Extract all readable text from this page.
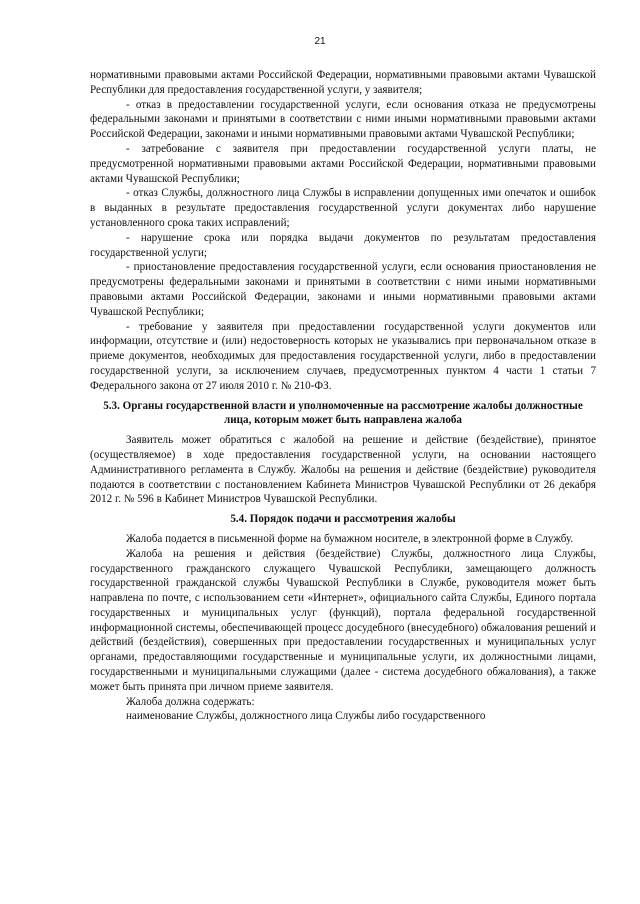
21

нормативными правовыми актами Российской Федерации, нормативными правовыми актами Чувашской Республики для предоставления государственной услуги, у заявителя;

- отказ в предоставлении государственной услуги, если основания отказа не предусмотрены федеральными законами и принятыми в соответствии с ними иными нормативными правовыми актами Российской Федерации, законами и иными нормативными правовыми актами Чувашской Республики;

- затребование с заявителя при предоставлении государственной услуги платы, не предусмотренной нормативными правовыми актами Российской Федерации, нормативными правовыми актами Чувашской Республики;

- отказ Службы, должностного лица Службы в исправлении допущенных ими опечаток и ошибок в выданных в результате предоставления государственной услуги документах либо нарушение установленного срока таких исправлений;

- нарушение срока или порядка выдачи документов по результатам предоставления государственной услуги;

- приостановление предоставления государственной услуги, если основания приостановления не предусмотрены федеральными законами и принятыми в соответствии с ними иными нормативными правовыми актами Российской Федерации, законами и иными нормативными правовыми актами Чувашской Республики;

- требование у заявителя при предоставлении государственной услуги документов или информации, отсутствие и (или) недостоверность которых не указывались при первоначальном отказе в приеме документов, необходимых для предоставления государственной услуги, либо в предоставлении государственной услуги, за исключением случаев, предусмотренных пунктом 4 части 1 статьи 7 Федерального закона от 27 июля 2010 г. № 210-ФЗ.

5.3. Органы государственной власти и уполномоченные на рассмотрение жалобы должностные лица, которым может быть направлена жалоба

Заявитель может обратиться с жалобой на решение и действие (бездействие), принятое (осуществляемое) в ходе предоставления государственной услуги, на основании настоящего Административного регламента в Службу. Жалобы на решения и действие (бездействие) руководителя подаются в соответствии с постановлением Кабинета Министров Чувашской Республики от 26 декабря 2012 г. № 596 в Кабинет Министров Чувашской Республики.

5.4. Порядок подачи и рассмотрения жалобы

Жалоба подается в письменной форме на бумажном носителе, в электронной форме в Службу.

Жалоба на решения и действия (бездействие) Службы, должностного лица Службы, государственного гражданского служащего Чувашской Республики, замещающего должность государственной гражданской службы Чувашской Республики в Службе, руководителя может быть направлена по почте, с использованием сети «Интернет», официального сайта Службы, Единого портала государственных и муниципальных услуг (функций), портала федеральной государственной информационной системы, обеспечивающей процесс досудебного (внесудебного) обжалования решений и действий (бездействия), совершенных при предоставлении государственных и муниципальных услуг органами, предоставляющими государственные и муниципальные услуги, их должностными лицами, государственными и муниципальными служащими (далее - система досудебного обжалования), а также может быть принята при личном приеме заявителя.

Жалоба должна содержать:

наименование Службы, должностного лица Службы либо государственного
